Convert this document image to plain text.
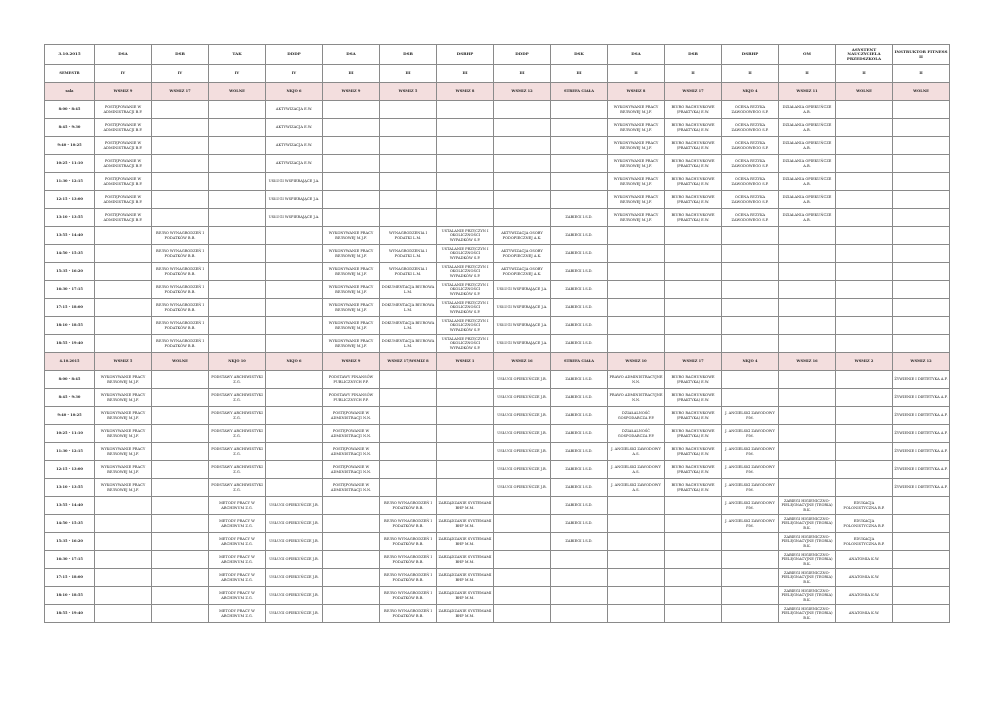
3.10.2015	DSA	DSB	TAK	DDDP	DSA	DSB	DSBHP	DDDP	DSK	DSA	DSB	DSBHP	OM	ASYSTENT NAUCZYCIELA PRZEDSZKOLA	INSTRUKTOR FITNESS II
SEMESTR	IV	IV	IV	IV	III	III	III	III	III	II	II	II	II	II	II
sala	WSMIZ 9	WSMIZ 17	WOLNE	NKJO 6	WSMIZ 9	WSMIZ 5	WSMIZ 8	WSMIZ 12	STREFA CIAŁA	WSMIZ 8	WSMIZ 17	NKJO 4	WSMIZ 11	WOLNE	WOLNE
8:00 - 8:45	POSTĘPOWANIE W ADMINISTRACJI B.F.			AKTYWIZACJA E.W.						WYKONYWANIE PRACY BIUROWEJ M.J.F.	BIURO RACHUNKOWE (PRAKTYKA) E.W.	OCENA RYZYKA ZAWODOWEGO S.P.	DZIAŁANIA OPIEKUŃCZE A.B.		
8:45 - 9:30	POSTĘPOWANIE W ADMINISTRACJI B.F.			AKTYWIZACJA E.W.						WYKONYWANIE PRACY BIUROWEJ M.J.F.	BIURO RACHUNKOWE (PRAKTYKA) E.W.	OCENA RYZYKA ZAWODOWEGO S.P.	DZIAŁANIA OPIEKUŃCZE A.B.		
9:40 - 10:25	POSTĘPOWANIE W ADMINISTRACJI B.F.			AKTYWIZACJA E.W.						WYKONYWANIE PRACY BIUROWEJ M.J.F.	BIURO RACHUNKOWE (PRAKTYKA) E.W.	OCENA RYZYKA ZAWODOWEGO S.P.	DZIAŁANIA OPIEKUŃCZE A.B.		
10:25 - 11:10	POSTĘPOWANIE W ADMINISTRACJI B.F.			AKTYWIZACJA E.W.						WYKONYWANIE PRACY BIUROWEJ M.J.F.	BIURO RACHUNKOWE (PRAKTYKA) E.W.	OCENA RYZYKA ZAWODOWEGO S.P.	DZIAŁANIA OPIEKUŃCZE A.B.		
11:30 - 12:15	POSTĘPOWANIE W ADMINISTRACJI B.F.			USŁUGI WSPIERAJĄCE J.A.						WYKONYWANIE PRACY BIUROWEJ M.J.F.	BIURO RACHUNKOWE (PRAKTYKA) E.W.	OCENA RYZYKA ZAWODOWEGO S.P.	DZIAŁANIA OPIEKUŃCZE A.B.		
12:15 - 13:00	POSTĘPOWANIE W ADMINISTRACJI B.F.			USŁUGI WSPIERAJĄCE J.A.						WYKONYWANIE PRACY BIUROWEJ M.J.F.	BIURO RACHUNKOWE (PRAKTYKA) E.W.	OCENA RYZYKA ZAWODOWEGO S.P.	DZIAŁANIA OPIEKUŃCZE A.B.		
13:10 - 13:55	POSTĘPOWANIE W ADMINISTRACJI B.F.			USŁUGI WSPIERAJĄCE J.A.					ZABIEGI I.S.D.	WYKONYWANIE PRACY BIUROWEJ M.J.F.	BIURO RACHUNKOWE (PRAKTYKA) E.W.	OCENA RYZYKA ZAWODOWEGO S.P.	DZIAŁANIA OPIEKUŃCZE A.B.		
13:55 - 14:40		BIURO WYNAGRODZEŃ I PODATKÓW B.B.			WYKONYWANIE PRACY BIUROWEJ M.J.F.	WYNAGRODZENIA I PODATKI L.M.	USTALANIE PRZYCZYN I OKOLICZNOŚCI WYPADKÓW S.P.	AKTYWIZACJA OSOBY PODOPIECZNEJ A.K.	ZABIEGI I.S.D.						
14:50 - 15:35		BIURO WYNAGRODZEŃ I PODATKÓW B.B.			WYKONYWANIE PRACY BIUROWEJ M.J.F.	WYNAGRODZENIA I PODATKI L.M.	USTALANIE PRZYCZYN I OKOLICZNOŚCI WYPADKÓW S.P.	AKTYWIZACJA OSOBY PODOPIECZNEJ A.K.	ZABIEGI I.S.D.						
15:35 - 16:20		BIURO WYNAGRODZEŃ I PODATKÓW B.B.			WYKONYWANIE PRACY BIUROWEJ M.J.F.	WYNAGRODZENIA I PODATKI L.M.	USTALANIE PRZYCZYN I OKOLICZNOŚCI WYPADKÓW S.P.	AKTYWIZACJA OSOBY PODOPIECZNEJ A.K.	ZABIEGI I.S.D.						
16:30 - 17:15		BIURO WYNAGRODZEŃ I PODATKÓW B.B.			WYKONYWANIE PRACY BIUROWEJ M.J.F.	DOKUMENTACJA BIUROWA L.M.	USTALANIE PRZYCZYN I OKOLICZNOŚCI WYPADKÓW S.P.	USŁUGI WSPIERAJĄCE J.A.	ZABIEGI I.S.D.						
17:15 - 18:00		BIURO WYNAGRODZEŃ I PODATKÓW B.B.			WYKONYWANIE PRACY BIUROWEJ M.J.F.	DOKUMENTACJA BIUROWA L.M.	USTALANIE PRZYCZYN I OKOLICZNOŚCI WYPADKÓW S.P.	USŁUGI WSPIERAJĄCE J.A.	ZABIEGI I.S.D.						
18:10 - 18:55		BIURO WYNAGRODZEŃ I PODATKÓW B.B.			WYKONYWANIE PRACY BIUROWEJ M.J.F.	DOKUMENTACJA BIUROWA L.M.	USTALANIE PRZYCZYN I OKOLICZNOŚCI WYPADKÓW S.P.	USŁUGI WSPIERAJĄCE J.A.	ZABIEGI I.S.D.						
18:55 - 19:40		BIURO WYNAGRODZEŃ I PODATKÓW B.B.			WYKONYWANIE PRACY BIUROWEJ M.J.F.	DOKUMENTACJA BIUROWA L.M.	USTALANIE PRZYCZYN I OKOLICZNOŚCI WYPADKÓW S.P.	USŁUGI WSPIERAJĄCE J.A.	ZABIEGI I.S.D.						
4.10.2015	WSMIZ 5	WOLNE	NKJO 10	NKJO 6	WSMIZ 9	WSMIZ 17/WSMIZ 8	WSMIZ 1	WSMIZ 16	STREFA CIAŁA	WSMIZ 10	WSMIZ 17	NKJO 4	WSMIZ 16	WSMIZ 2	WSMIZ 12
8:00 - 8:45	WYKONYWANIE PRACY BIUROWEJ M.J.F.		PODSTAWY ARCHIWISTYKI Z.G.		PODSTAWY FINANSÓW PUBLICZNYCH P.P.			USŁUGI OPIEKUŃCZE J.B.	ZABIEGI I.S.D.	PRAWO ADMINISTRACYJNE N.N.	BIURO RACHUNKOWE (PRAKTYKA) E.W.				ŻYWIENIE I DIETETYKA A.F.
8:45 - 9:30	WYKONYWANIE PRACY BIUROWEJ M.J.F.		PODSTAWY ARCHIWISTYKI Z.G.		PODSTAWY FINANSÓW PUBLICZNYCH P.P.			USŁUGI OPIEKUŃCZE J.B.	ZABIEGI I.S.D.	PRAWO ADMINISTRACYJNE N.N.	BIURO RACHUNKOWE (PRAKTYKA) E.W.				ŻYWIENIE I DIETETYKA A.F.
9:40 - 10:25	WYKONYWANIE PRACY BIUROWEJ M.J.F.		PODSTAWY ARCHIWISTYKI Z.G.		POSTĘPOWANIE W ADMINISTRACJI N.N.			USŁUGI OPIEKUŃCZE J.B.	ZABIEGI I.S.D.	DZIAŁALNOŚĆ GOSPODARCZA P.P.	BIURO RACHUNKOWE (PRAKTYKA) E.W.	J. ANGIELSKI ZAWODOWY P.M.			ŻYWIENIE I DIETETYKA A.F.
10:25 - 11:10	WYKONYWANIE PRACY BIUROWEJ M.J.F.		PODSTAWY ARCHIWISTYKI Z.G.		POSTĘPOWANIE W ADMINISTRACJI N.N.			USŁUGI OPIEKUŃCZE J.B.	ZABIEGI I.S.D.	DZIAŁALNOŚĆ GOSPODARCZA P.P.	BIURO RACHUNKOWE (PRAKTYKA) E.W.	J. ANGIELSKI ZAWODOWY P.M.			ŻYWIENIE I DIETETYKA A.F.
11:30 - 12:15	WYKONYWANIE PRACY BIUROWEJ M.J.F.		PODSTAWY ARCHIWISTYKI Z.G.		POSTĘPOWANIE W ADMINISTRACJI N.N.			USŁUGI OPIEKUŃCZE J.B.	ZABIEGI I.S.D.	J. ANGIELSKI ZAWODOWY A.S.	BIURO RACHUNKOWE (PRAKTYKA) E.W.	J. ANGIELSKI ZAWODOWY P.M.			ŻYWIENIE I DIETETYKA A.F.
12:15 - 13:00	WYKONYWANIE PRACY BIUROWEJ M.J.F.		PODSTAWY ARCHIWISTYKI Z.G.		POSTĘPOWANIE W ADMINISTRACJI N.N.			USŁUGI OPIEKUŃCZE J.B.	ZABIEGI I.S.D.	J. ANGIELSKI ZAWODOWY A.S.	BIURO RACHUNKOWE (PRAKTYKA) E.W.	J. ANGIELSKI ZAWODOWY P.M.			ŻYWIENIE I DIETETYKA A.F.
13:10 - 13:55	WYKONYWANIE PRACY BIUROWEJ M.J.F.		PODSTAWY ARCHIWISTYKI Z.G.		POSTĘPOWANIE W ADMINISTRACJI N.N.			USŁUGI OPIEKUŃCZE J.B.	ZABIEGI I.S.D.	J. ANGIELSKI ZAWODOWY A.S.	BIURO RACHUNKOWE (PRAKTYKA) E.W.	J. ANGIELSKI ZAWODOWY P.M.			ŻYWIENIE I DIETETYKA A.F.
13:55 - 14:40			METODY PRACY W ARCHIWUM Z.G.	USŁUGI OPIEKUŃCZE J.B.		BIURO WYNAGRODZEŃ I PODATKÓW B.B.	ZARZĄDZANIE SYSTEMAMI BHP M.M.		ZABIEGI I.S.D.			J. ANGIELSKI ZAWODOWY P.M.	ZABIEGI HIGIENICZNO-PIELĘGNACYJNE (TEORIA) B.K.	EDUKACJA POLONISTYCZNA B.P.	
14:50 - 15:35			METODY PRACY W ARCHIWUM Z.G.	USŁUGI OPIEKUŃCZE J.B.		BIURO WYNAGRODZEŃ I PODATKÓW B.B.	ZARZĄDZANIE SYSTEMAMI BHP M.M.		ZABIEGI I.S.D.			J. ANGIELSKI ZAWODOWY P.M.	ZABIEGI HIGIENICZNO-PIELĘGNACYJNE (TEORIA) B.K.	EDUKACJA POLONISTYCZNA B.P.	
15:35 - 16:20			METODY PRACY W ARCHIWUM Z.G.	USŁUGI OPIEKUŃCZE J.B.		BIURO WYNAGRODZEŃ I PODATKÓW B.B.	ZARZĄDZANIE SYSTEMAMI BHP M.M.		ZABIEGI I.S.D.				ZABIEGI HIGIENICZNO-PIELĘGNACYJNE (TEORIA) B.K.	EDUKACJA POLONISTYCZNA B.P.	
16:30 - 17:15			METODY PRACY W ARCHIWUM Z.G.	USŁUGI OPIEKUŃCZE J.B.		BIURO WYNAGRODZEŃ I PODATKÓW B.B.	ZARZĄDZANIE SYSTEMAMI BHP M.M.						ZABIEGI HIGIENICZNO-PIELĘGNACYJNE (TEORIA) B.K.	ANATOMIA K.W.	
17:15 - 18:00			METODY PRACY W ARCHIWUM Z.G.	USŁUGI OPIEKUŃCZE J.B.		BIURO WYNAGRODZEŃ I PODATKÓW B.B.	ZARZĄDZANIE SYSTEMAMI BHP M.M.						ZABIEGI HIGIENICZNO-PIELĘGNACYJNE (TEORIA) B.K.	ANATOMIA K.W.	
18:10 - 18:55			METODY PRACY W ARCHIWUM Z.G.	USŁUGI OPIEKUŃCZE J.B.		BIURO WYNAGRODZEŃ I PODATKÓW B.B.	ZARZĄDZANIE SYSTEMAMI BHP M.M.						ZABIEGI HIGIENICZNO-PIELĘGNACYJNE (TEORIA) B.K.	ANATOMIA K.W.	
18:55 - 19:40			METODY PRACY W ARCHIWUM Z.G.	USŁUGI OPIEKUŃCZE J.B.		BIURO WYNAGRODZEŃ I PODATKÓW B.B.	ZARZĄDZANIE SYSTEMAMI BHP M.M.						ZABIEGI HIGIENICZNO-PIELĘGNACYJNE (TEORIA) B.K.	ANATOMIA K.W.	
